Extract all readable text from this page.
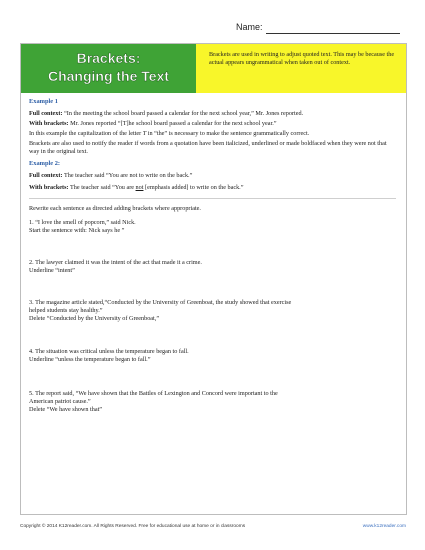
Name:
Brackets:
Changing the Text
Brackets are used in writing to adjust quoted text. This may be because the actual appears ungrammatical when taken out of context.
Example 1

Full context: “In the meeting the school board passed a calendar for the next school year,” Mr. Jones reported.

With brackets: Mr. Jones reported “[T]he school board passed a calendar for the next school year.”

In this example the capitalization of the letter T in “the” is necessary to make the sentence grammatically correct.

Brackets are also used to notify the reader if words from a quotation have been italicized, underlined or made boldfaced when they were not that way in the original text.

Example 2:

Full context: The teacher said “You are not to write on the back.”

With brackets: The teacher said “You are not [emphasis added] to write on the back.”

Rewrite each sentence as directed adding brackets where appropriate.

1. “I love the smell of popcorn,” said Nick.
Start the sentence with: Nick says he ”
2. The lawyer claimed it was the intent of the act that made it a crime.
Underline “intent”
3. The magazine article stated,“Conducted by the University of Greenboat, the study showed that exercise
helped students stay healthy.”
Delete “Conducted by the University of Greenboat,”
4. The situation was critical unless the temperature began to fall.
Underline “unless the temperature began to fall.”
5. The report said, “We have shown that the Battles of Lexington and Concord were important to the
American patriot cause.”
Delete “We have shown that”
Copyright © 2014 K12reader.com. All Rights Reserved. Free for educational use at home or in classrooms	www.k12reader.com
